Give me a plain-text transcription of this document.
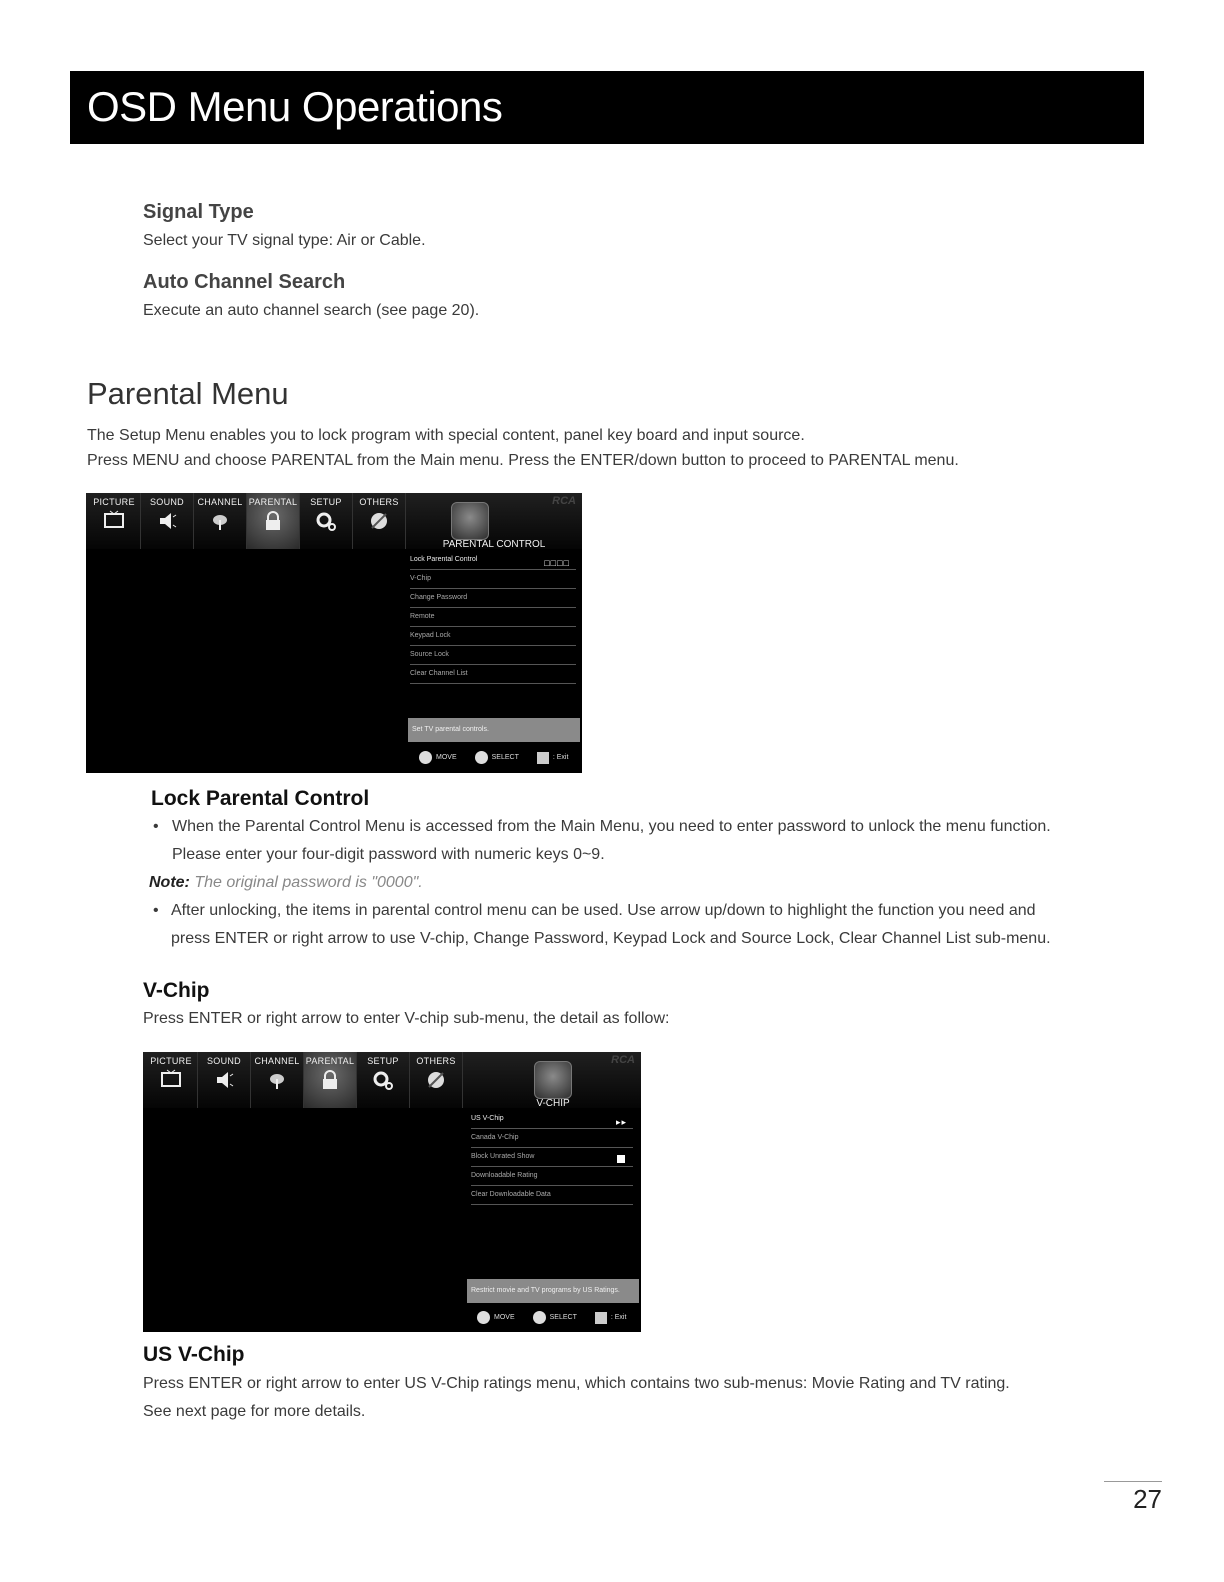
OSD Menu Operations
Signal Type
Select your TV signal type: Air or Cable.
Auto Channel Search
Execute an auto channel search (see page 20).
Parental Menu
The Setup Menu enables you to lock program with special content, panel key board and input source.
Press MENU and choose PARENTAL from the Main menu. Press the ENTER/down button to proceed to PARENTAL menu.
PICTURE	SOUND	CHANNEL PARENTAL	SETUP	OTHERS	RCA
PARENTAL CONTROL
Lock Parental Control	□□□□
V-Chip
Change Password
Remote
Keypad Lock
Source Lock
Clear Channel List
Set TV parental controls.
MOVE	SELECT	: Exit
Lock Parental Control
• When the Parental Control Menu is accessed from the Main Menu, you need to enter password to unlock the menu function.
Please enter your four-digit password with numeric keys 0~9.
Note: The original password is "0000".
• After unlocking, the items in parental control menu can be used. Use arrow up/down to highlight the function you need and
press ENTER or right arrow to use V-chip, Change Password, Keypad Lock and Source Lock, Clear Channel List sub-menu.
V-Chip
Press ENTER or right arrow to enter V-chip sub-menu, the detail as follow:
PICTURE	SOUND	CHANNEL PARENTAL	SETUP	OTHERS	RCA
V-CHIP
US V-Chip	▸▸
Canada V-Chip
Block Unrated Show
Downloadable Rating
Clear Downloadable Data
Restrict movie and TV programs by US Ratings.
MOVE	SELECT	: Exit
US V-Chip
Press ENTER or right arrow to enter US V-Chip ratings menu, which contains two sub-menus: Movie Rating and TV rating.
See next page for more details.
27
